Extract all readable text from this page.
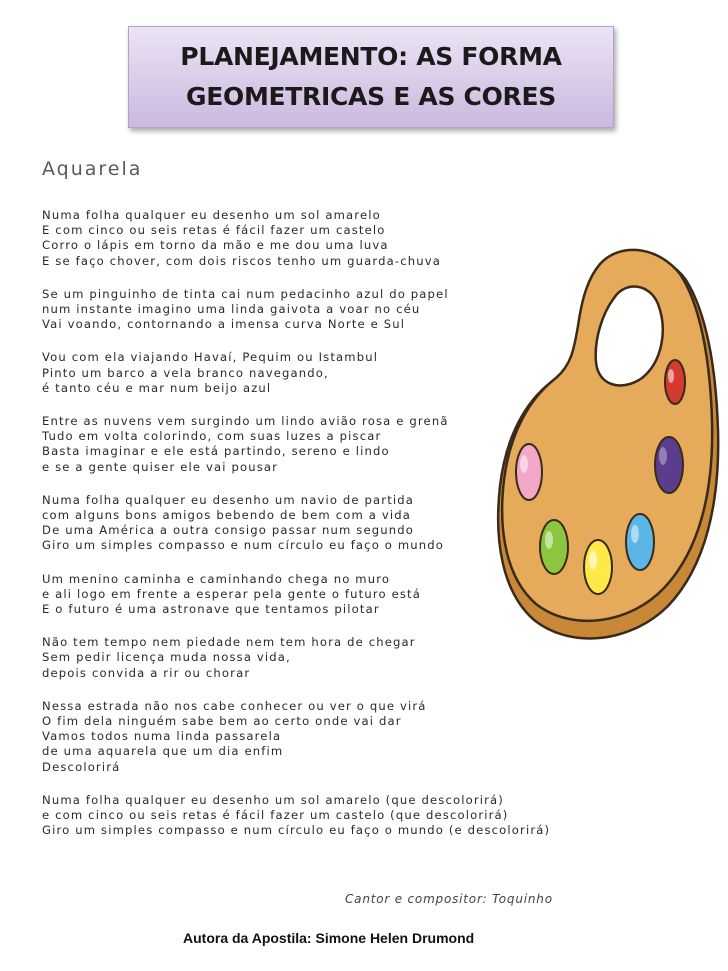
PLANEJAMENTO: AS FORMA
GEOMETRICAS E AS CORES
Aquarela
Numa folha qualquer eu desenho um sol amarelo
E com cinco ou seis retas é fácil fazer um castelo
Corro o lápis em torno da mão e me dou uma luva
E se faço chover, com dois riscos tenho um guarda-chuva
Se um pinguinho de tinta cai num pedacinho azul do papel
num instante imagino uma linda gaivota a voar no céu
Vai voando, contornando a imensa curva Norte e Sul
Vou com ela viajando Havaí, Pequim ou Istambul
Pinto um barco a vela branco navegando,
é tanto céu e mar num beijo azul
Entre as nuvens vem surgindo um lindo avião rosa e grenã
Tudo em volta colorindo, com suas luzes a piscar
Basta imaginar e ele está partindo, sereno e lindo
e se a gente quiser ele vai pousar
Numa folha qualquer eu desenho um navio de partida
com alguns bons amigos bebendo de bem com a vida
De uma América a outra consigo passar num segundo
Giro um simples compasso e num círculo eu faço o mundo
Um menino caminha e caminhando chega no muro
e ali logo em frente a esperar pela gente o futuro está
E o futuro é uma astronave que tentamos pilotar
Não tem tempo nem piedade nem tem hora de chegar
Sem pedir licença muda nossa vida,
depois convida a rir ou chorar
Nessa estrada não nos cabe conhecer ou ver o que virá
O fim dela ninguém sabe bem ao certo onde vai dar
Vamos todos numa linda passarela
de uma aquarela que um dia enfim
Descolorirá
Numa folha qualquer eu desenho um sol amarelo (que descolorirá)
e com cinco ou seis retas é fácil fazer um castelo (que descolorirá)
Giro um simples compasso e num círculo eu faço o mundo (e descolorirá)
Cantor e compositor: Toquinho
Autora da Apostila: Simone Helen Drumond
